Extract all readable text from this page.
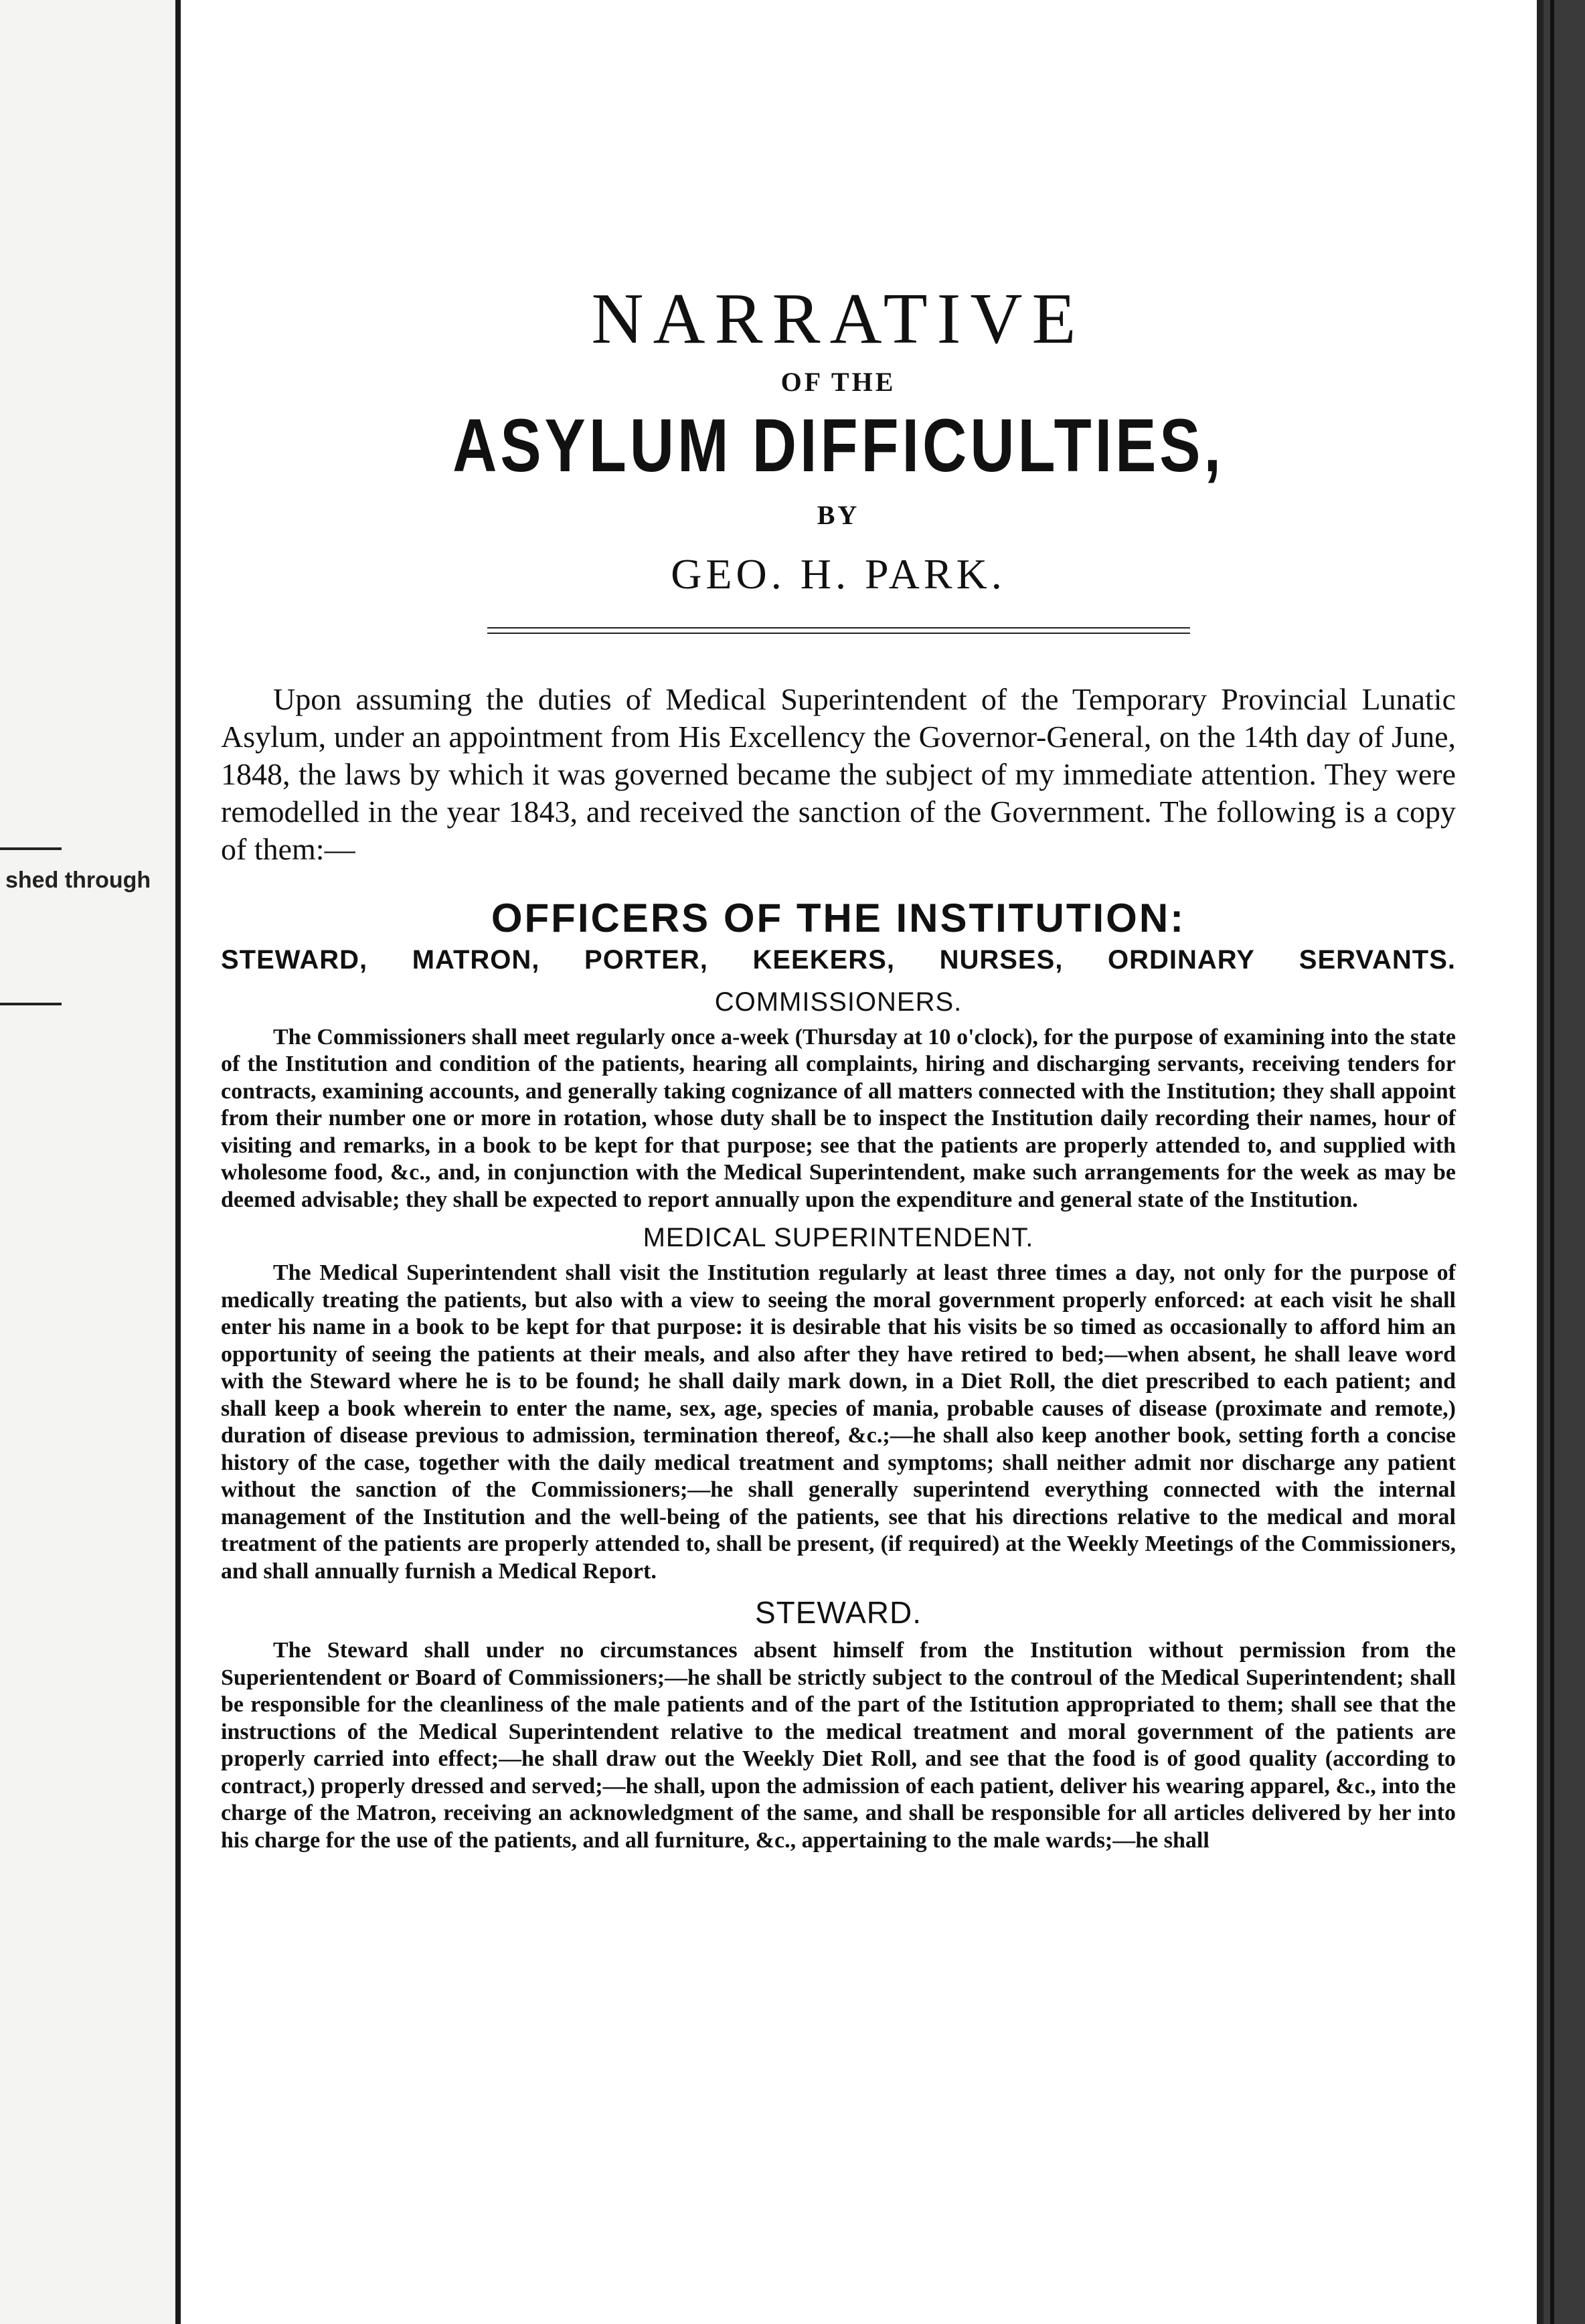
shed through
NARRATIVE
OF THE
ASYLUM DIFFICULTIES,
BY
GEO. H. PARK.

Upon assuming the duties of Medical Superintendent of the Temporary Provincial Lunatic Asylum, under an appointment from His Excellency the Governor-General, on the 14th day of June, 1848, the laws by which it was governed became the subject of my immediate attention. They were remodelled in the year 1843, and received the sanction of the Government. The following is a copy of them:—

OFFICERS OF THE INSTITUTION:
STEWARD, MATRON, PORTER, KEEKERS, NURSES, ORDINARY SERVANTS.
COMMISSIONERS.

The Commissioners shall meet regularly once a-week (Thursday at 10 o'clock), for the purpose of examining into the state of the Institution and condition of the patients, hearing all complaints, hiring and discharging servants, receiving tenders for contracts, examining accounts, and generally taking cognizance of all matters connected with the Institution; they shall appoint from their number one or more in rotation, whose duty shall be to inspect the Institution daily recording their names, hour of visiting and remarks, in a book to be kept for that purpose; see that the patients are properly attended to, and supplied with wholesome food, &c., and, in conjunction with the Medical Superintendent, make such arrangements for the week as may be deemed advisable; they shall be expected to report annually upon the expenditure and general state of the Institution.

MEDICAL SUPERINTENDENT.

The Medical Superintendent shall visit the Institution regularly at least three times a day, not only for the purpose of medically treating the patients, but also with a view to seeing the moral government properly enforced: at each visit he shall enter his name in a book to be kept for that purpose: it is desirable that his visits be so timed as occasionally to afford him an opportunity of seeing the patients at their meals, and also after they have retired to bed;—when absent, he shall leave word with the Steward where he is to be found; he shall daily mark down, in a Diet Roll, the diet prescribed to each patient; and shall keep a book wherein to enter the name, sex, age, species of mania, probable causes of disease (proximate and remote,) duration of disease previous to admission, termination thereof, &c.;—he shall also keep another book, setting forth a concise history of the case, together with the daily medical treatment and symptoms; shall neither admit nor discharge any patient without the sanction of the Commissioners;—he shall generally superintend everything connected with the internal management of the Institution and the well-being of the patients, see that his directions relative to the medical and moral treatment of the patients are properly attended to, shall be present, (if required) at the Weekly Meetings of the Commissioners, and shall annually furnish a Medical Report.

STEWARD.

The Steward shall under no circumstances absent himself from the Institution without permission from the Superientendent or Board of Commissioners;—he shall be strictly subject to the controul of the Medical Superintendent; shall be responsible for the cleanliness of the male patients and of the part of the Istitution appropriated to them; shall see that the instructions of the Medical Superintendent relative to the medical treatment and moral government of the patients are properly carried into effect;—he shall draw out the Weekly Diet Roll, and see that the food is of good quality (according to contract,) properly dressed and served;—he shall, upon the admission of each patient, deliver his wearing apparel, &c., into the charge of the Matron, receiving an acknowledgment of the same, and shall be responsible for all articles delivered by her into his charge for the use of the patients, and all furniture, &c., appertaining to the male wards;—he shall
